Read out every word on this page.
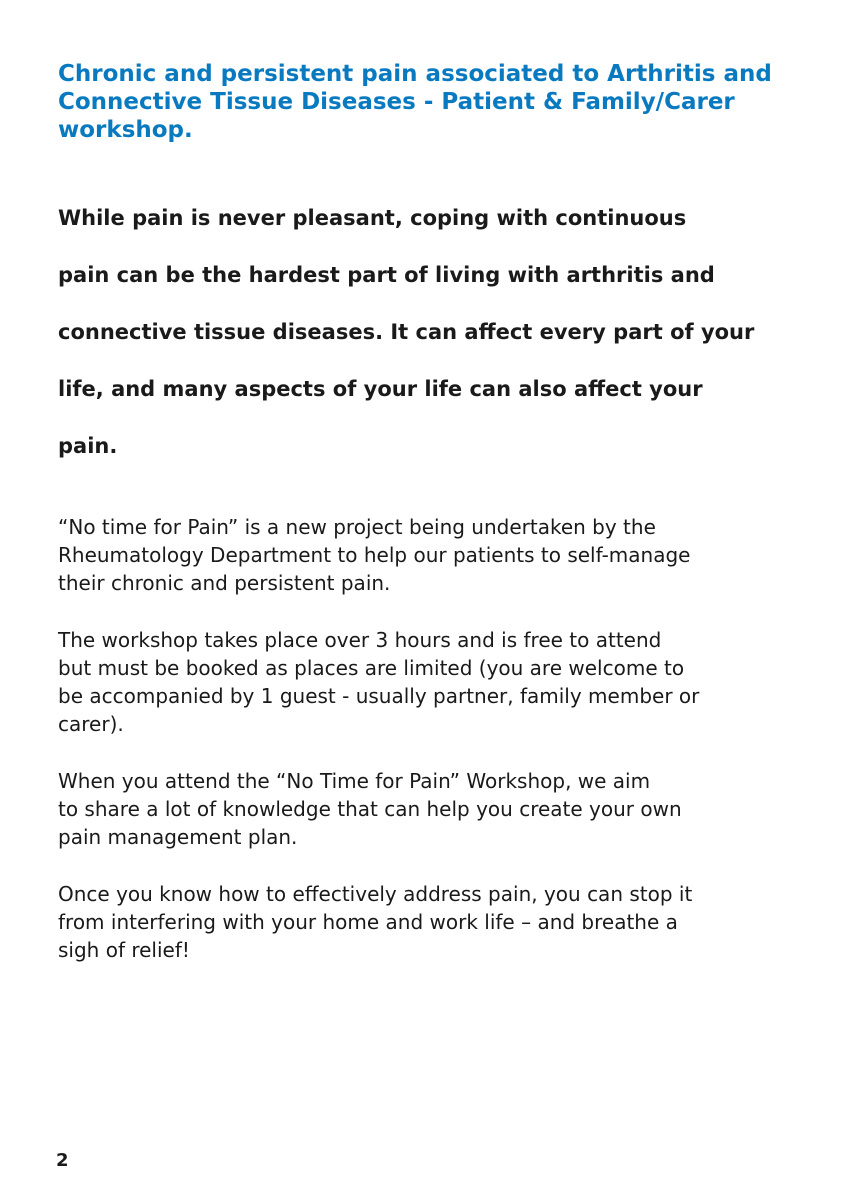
Chronic and persistent pain associated to Arthritis and
Connective Tissue Diseases - Patient & Family/Carer
workshop.

While pain is never pleasant, coping with continuous
pain can be the hardest part of living with arthritis and
connective tissue diseases. It can affect every part of your
life, and many aspects of your life can also affect your
pain.

“No time for Pain” is a new project being undertaken by the
Rheumatology Department to help our patients to self-manage
their chronic and persistent pain.

The workshop takes place over 3 hours and is free to attend
but must be booked as places are limited (you are welcome to
be accompanied by 1 guest - usually partner, family member or
carer).

When you attend the “No Time for Pain” Workshop, we aim
to share a lot of knowledge that can help you create your own
pain management plan.

Once you know how to effectively address pain, you can stop it
from interfering with your home and work life – and breathe a
sigh of relief!

2
